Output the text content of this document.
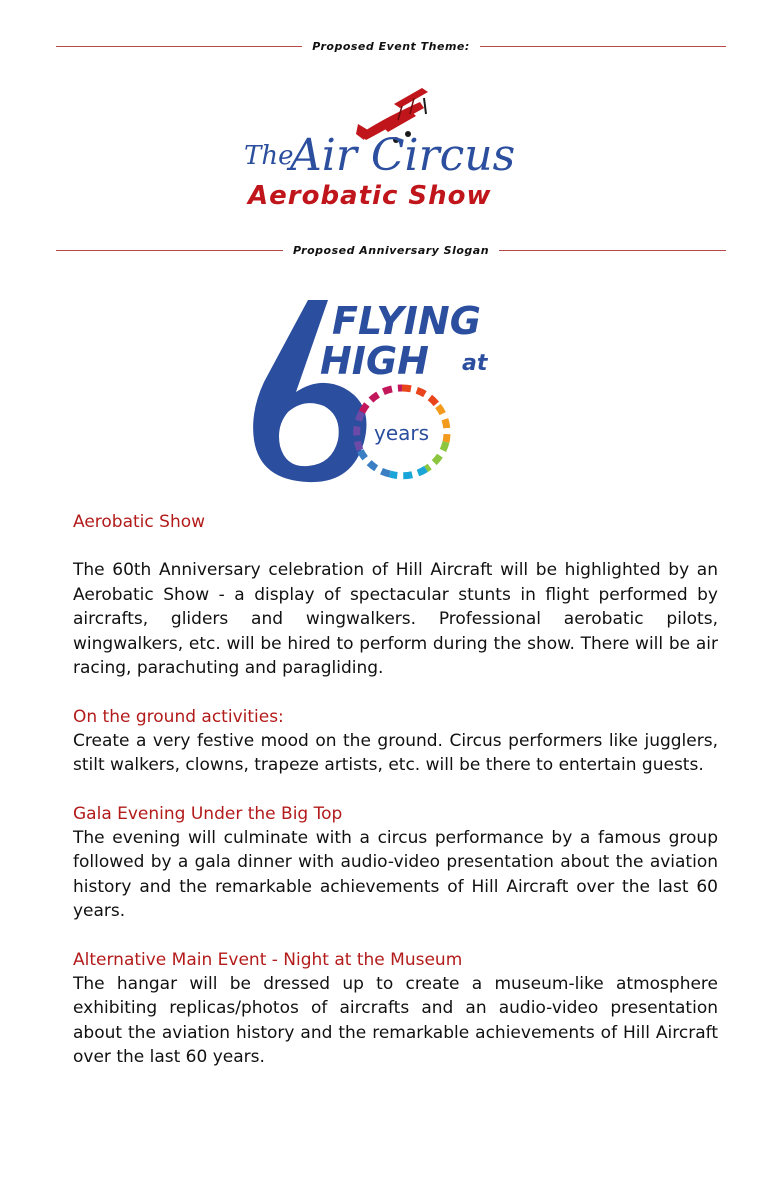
Proposed Event Theme:
The
Air Circus
Aerobatic Show
Proposed Anniversary Slogan
FLYING
HIGH at
years

Aerobatic Show

The 60th Anniversary celebration of Hill Aircraft will be highlighted by an Aerobatic Show - a display of spectacular stunts in flight performed by aircrafts, gliders and wingwalkers. Professional aerobatic pilots, wingwalkers, etc. will be hired to perform during the show. There will be air racing, parachuting and paragliding.

On the ground activities:

Create a very festive mood on the ground. Circus performers like jugglers, stilt walkers, clowns, trapeze artists, etc. will be there to entertain guests.

Gala Evening Under the Big Top

The evening will culminate with a circus performance by a famous group followed by a gala dinner with audio-video presentation about the aviation history and the remarkable achievements of Hill Aircraft over the last 60 years.

Alternative Main Event - Night at the Museum

The hangar will be dressed up to create a museum-like atmosphere exhibiting replicas/photos of aircrafts and an audio-video presentation about the aviation history and the remarkable achievements of Hill Aircraft over the last 60 years.
